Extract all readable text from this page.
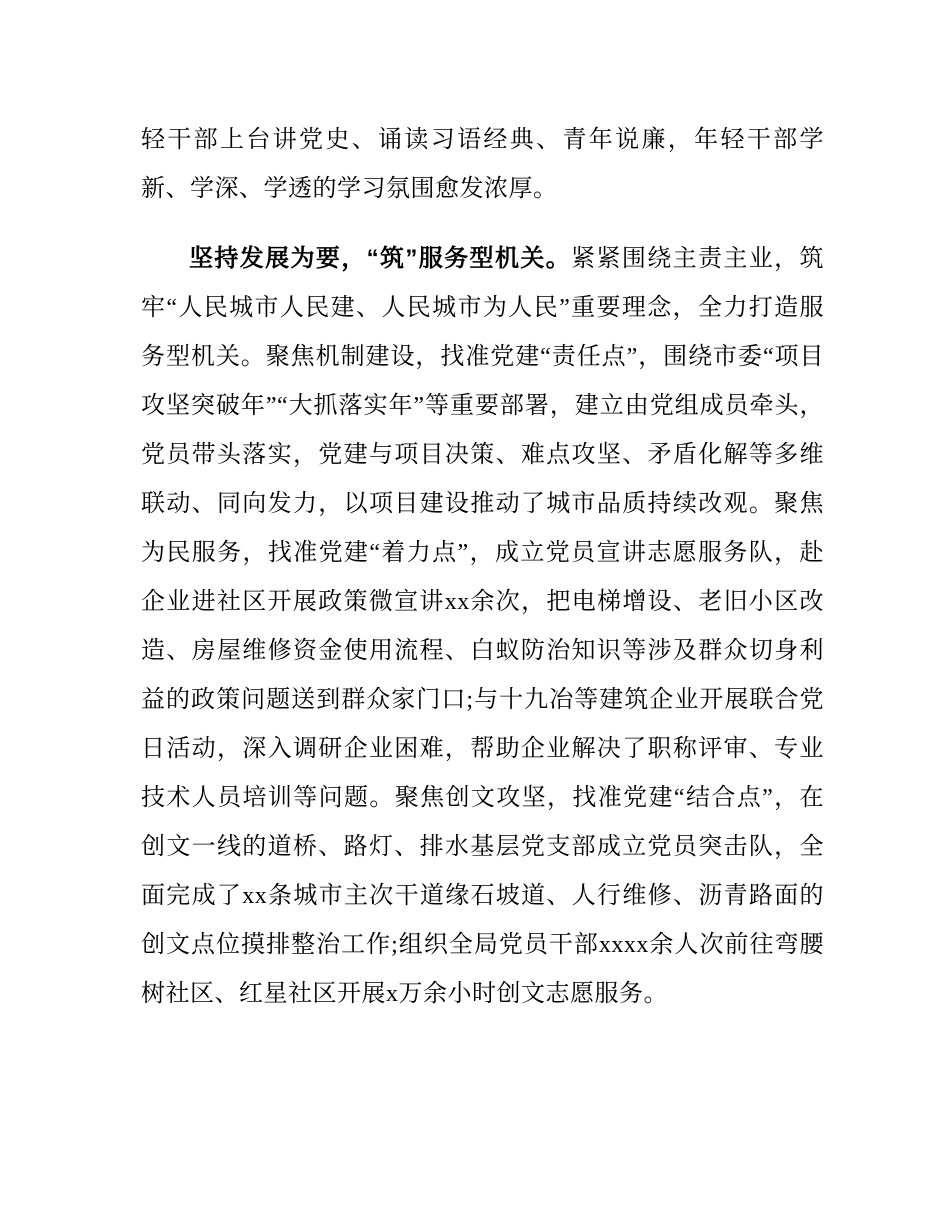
轻干部上台讲党史、诵读习语经典、青年说廉，年轻干部学新、学深、学透的学习氛围愈发浓厚。

坚持发展为要，“筑”服务型机关。紧紧围绕主责主业，筑牢“人民城市人民建、人民城市为人民”重要理念，全力打造服务型机关。聚焦机制建设，找准党建“责任点”，围绕市委“项目攻坚突破年”“大抓落实年”等重要部署，建立由党组成员牵头，党员带头落实，党建与项目决策、难点攻坚、矛盾化解等多维联动、同向发力，以项目建设推动了城市品质持续改观。聚焦为民服务，找准党建“着力点”，成立党员宣讲志愿服务队，赴企业进社区开展政策微宣讲xx余次，把电梯增设、老旧小区改造、房屋维修资金使用流程、白蚁防治知识等涉及群众切身利益的政策问题送到群众家门口;与十九冶等建筑企业开展联合党日活动，深入调研企业困难，帮助企业解决了职称评审、专业技术人员培训等问题。聚焦创文攻坚，找准党建“结合点”，在创文一线的道桥、路灯、排水基层党支部成立党员突击队，全面完成了xx条城市主次干道缘石坡道、人行维修、沥青路面的创文点位摸排整治工作;组织全局党员干部xxxx余人次前往弯腰树社区、红星社区开展x万余小时创文志愿服务。
